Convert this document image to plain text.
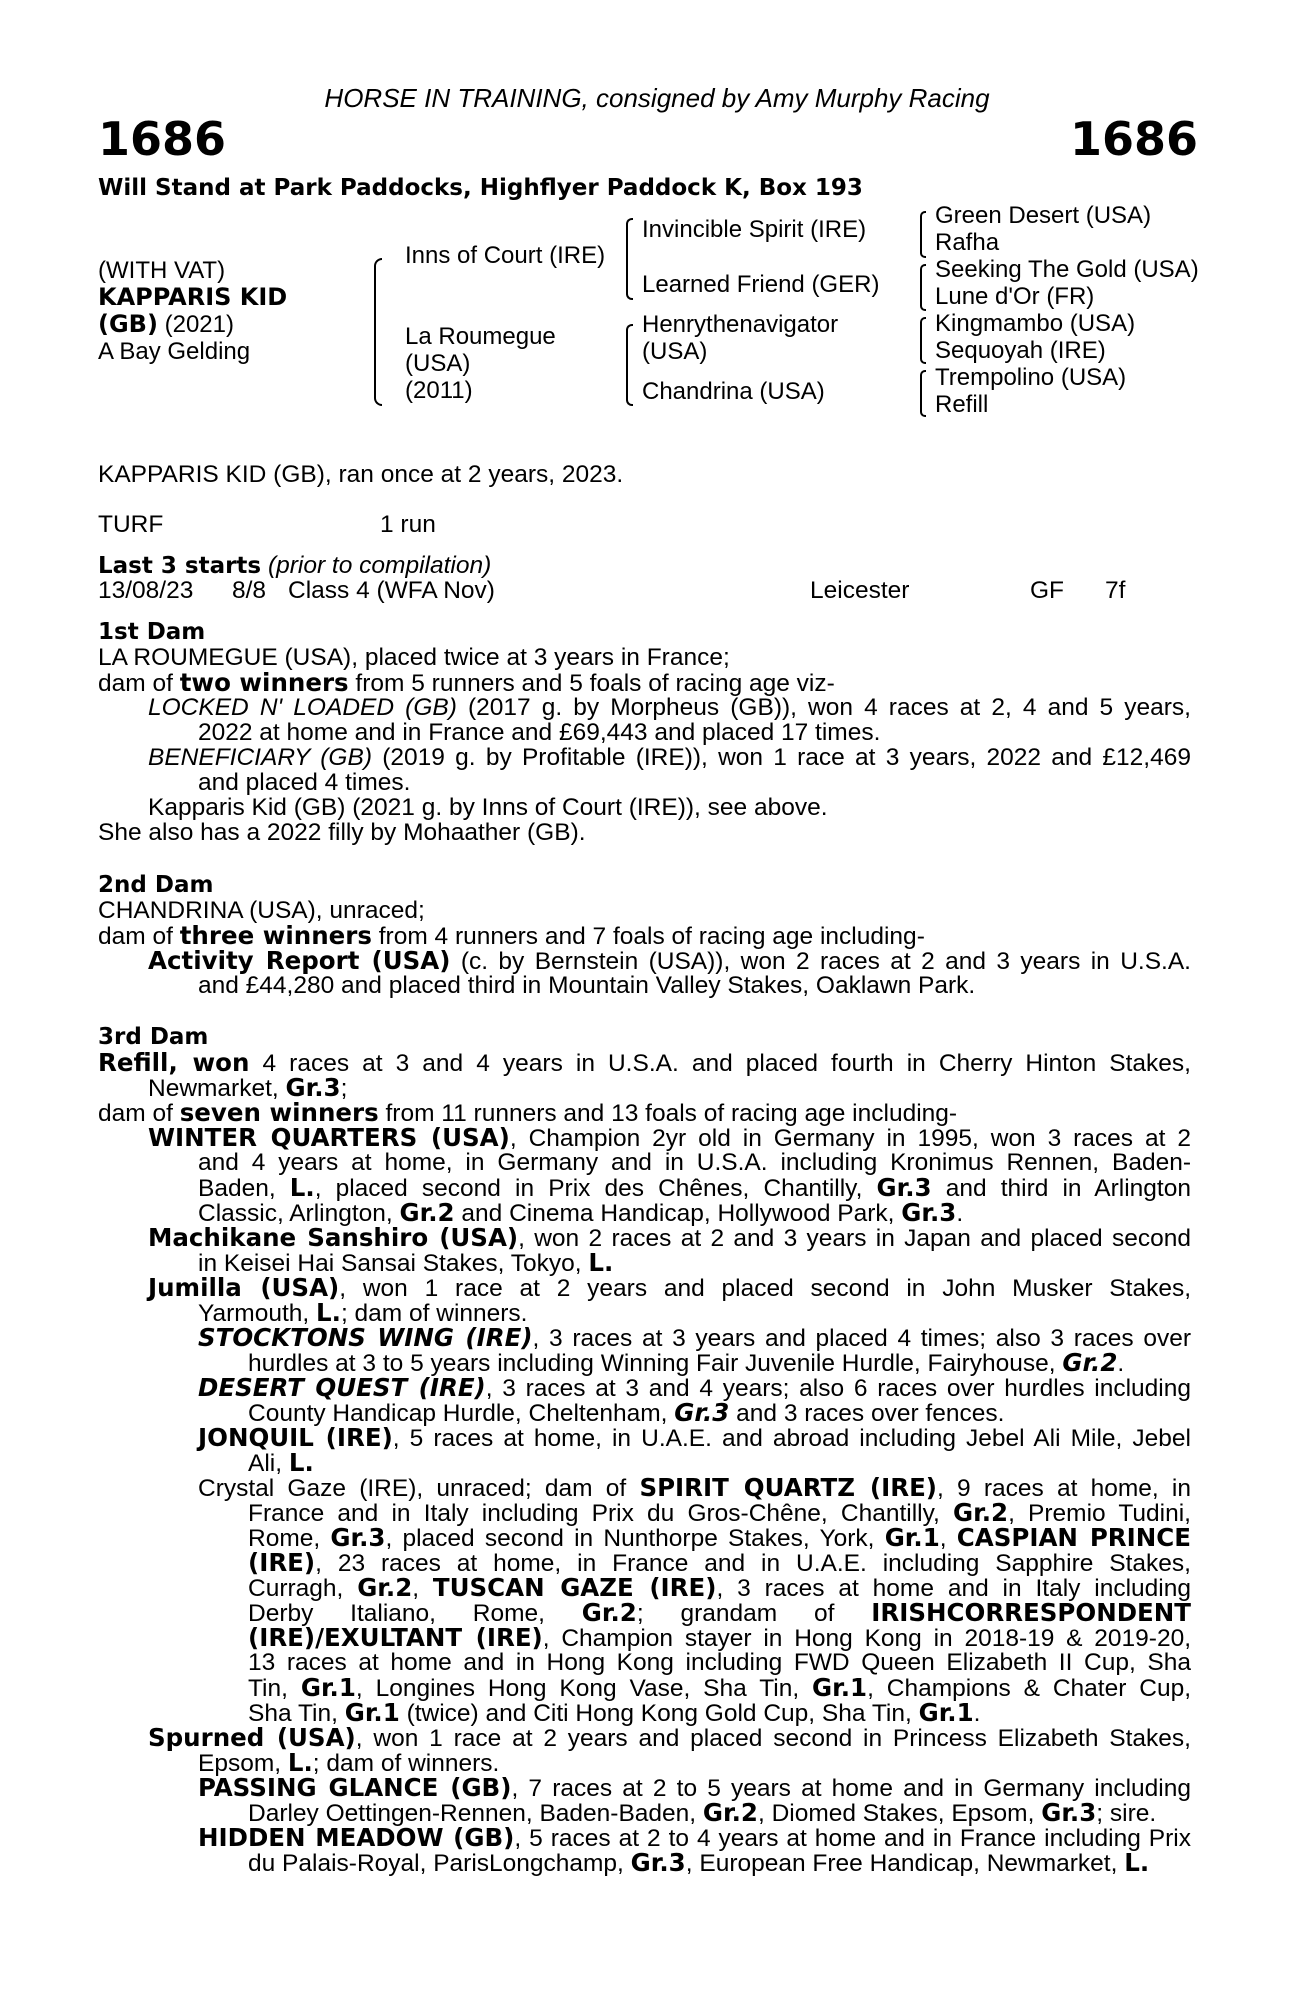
HORSE IN TRAINING, consigned by Amy Murphy Racing
1686	1686
Will Stand at Park Paddocks, Highflyer Paddock K, Box 193
(WITH VAT)
KAPPARIS KID
(GB) (2021)
A Bay Gelding
Inns of Court (IRE)
La Roumegue
(USA)
(2011)
Invincible Spirit (IRE)
Learned Friend (GER)
Henrythenavigator
(USA)
Chandrina (USA)
Green Desert (USA)
Rafha
Seeking The Gold (USA)
Lune d'Or (FR)
Kingmambo (USA)
Sequoyah (IRE)
Trempolino (USA)
Refill
KAPPARIS KID (GB), ran once at 2 years, 2023.
TURF	1 run
Last 3 starts (prior to compilation)
13/08/23 8/8 Class 4 (WFA Nov)	Leicester	GF 7f
1st Dam
LA ROUMEGUE (USA), placed twice at 3 years in France;
dam of two winners from 5 runners and 5 foals of racing age viz-
LOCKED N' LOADED (GB) (2017 g. by Morpheus (GB)), won 4 races at 2, 4 and 5 years,
2022 at home and in France and £69,443 and placed 17 times.
BENEFICIARY (GB) (2019 g. by Profitable (IRE)), won 1 race at 3 years, 2022 and £12,469
and placed 4 times.
Kapparis Kid (GB) (2021 g. by Inns of Court (IRE)), see above.
She also has a 2022 filly by Mohaather (GB).
2nd Dam
CHANDRINA (USA), unraced;
dam of three winners from 4 runners and 7 foals of racing age including-
Activity Report (USA) (c. by Bernstein (USA)), won 2 races at 2 and 3 years in U.S.A.
and £44,280 and placed third in Mountain Valley Stakes, Oaklawn Park.
3rd Dam
Refill, won 4 races at 3 and 4 years in U.S.A. and placed fourth in Cherry Hinton Stakes,
Newmarket, Gr.3;
dam of seven winners from 11 runners and 13 foals of racing age including-
WINTER QUARTERS (USA), Champion 2yr old in Germany in 1995, won 3 races at 2
and 4 years at home, in Germany and in U.S.A. including Kronimus Rennen, Baden-
Baden, L., placed second in Prix des Chênes, Chantilly, Gr.3 and third in Arlington
Classic, Arlington, Gr.2 and Cinema Handicap, Hollywood Park, Gr.3.
Machikane Sanshiro (USA), won 2 races at 2 and 3 years in Japan and placed second
in Keisei Hai Sansai Stakes, Tokyo, L.
Jumilla (USA), won 1 race at 2 years and placed second in John Musker Stakes,
Yarmouth, L.; dam of winners.
STOCKTONS WING (IRE), 3 races at 3 years and placed 4 times; also 3 races over
hurdles at 3 to 5 years including Winning Fair Juvenile Hurdle, Fairyhouse, Gr.2.
DESERT QUEST (IRE), 3 races at 3 and 4 years; also 6 races over hurdles including
County Handicap Hurdle, Cheltenham, Gr.3 and 3 races over fences.
JONQUIL (IRE), 5 races at home, in U.A.E. and abroad including Jebel Ali Mile, Jebel
Ali, L.
Crystal Gaze (IRE), unraced; dam of SPIRIT QUARTZ (IRE), 9 races at home, in
France and in Italy including Prix du Gros-Chêne, Chantilly, Gr.2, Premio Tudini,
Rome, Gr.3, placed second in Nunthorpe Stakes, York, Gr.1, CASPIAN PRINCE
(IRE), 23 races at home, in France and in U.A.E. including Sapphire Stakes,
Curragh, Gr.2, TUSCAN GAZE (IRE), 3 races at home and in Italy including
Derby Italiano, Rome, Gr.2; grandam of IRISHCORRESPONDENT
(IRE)/EXULTANT (IRE), Champion stayer in Hong Kong in 2018-19 & 2019-20,
13 races at home and in Hong Kong including FWD Queen Elizabeth II Cup, Sha
Tin, Gr.1, Longines Hong Kong Vase, Sha Tin, Gr.1, Champions & Chater Cup,
Sha Tin, Gr.1 (twice) and Citi Hong Kong Gold Cup, Sha Tin, Gr.1.
Spurned (USA), won 1 race at 2 years and placed second in Princess Elizabeth Stakes,
Epsom, L.; dam of winners.
PASSING GLANCE (GB), 7 races at 2 to 5 years at home and in Germany including
Darley Oettingen-Rennen, Baden-Baden, Gr.2, Diomed Stakes, Epsom, Gr.3; sire.
HIDDEN MEADOW (GB), 5 races at 2 to 4 years at home and in France including Prix
du Palais-Royal, ParisLongchamp, Gr.3, European Free Handicap, Newmarket, L.
